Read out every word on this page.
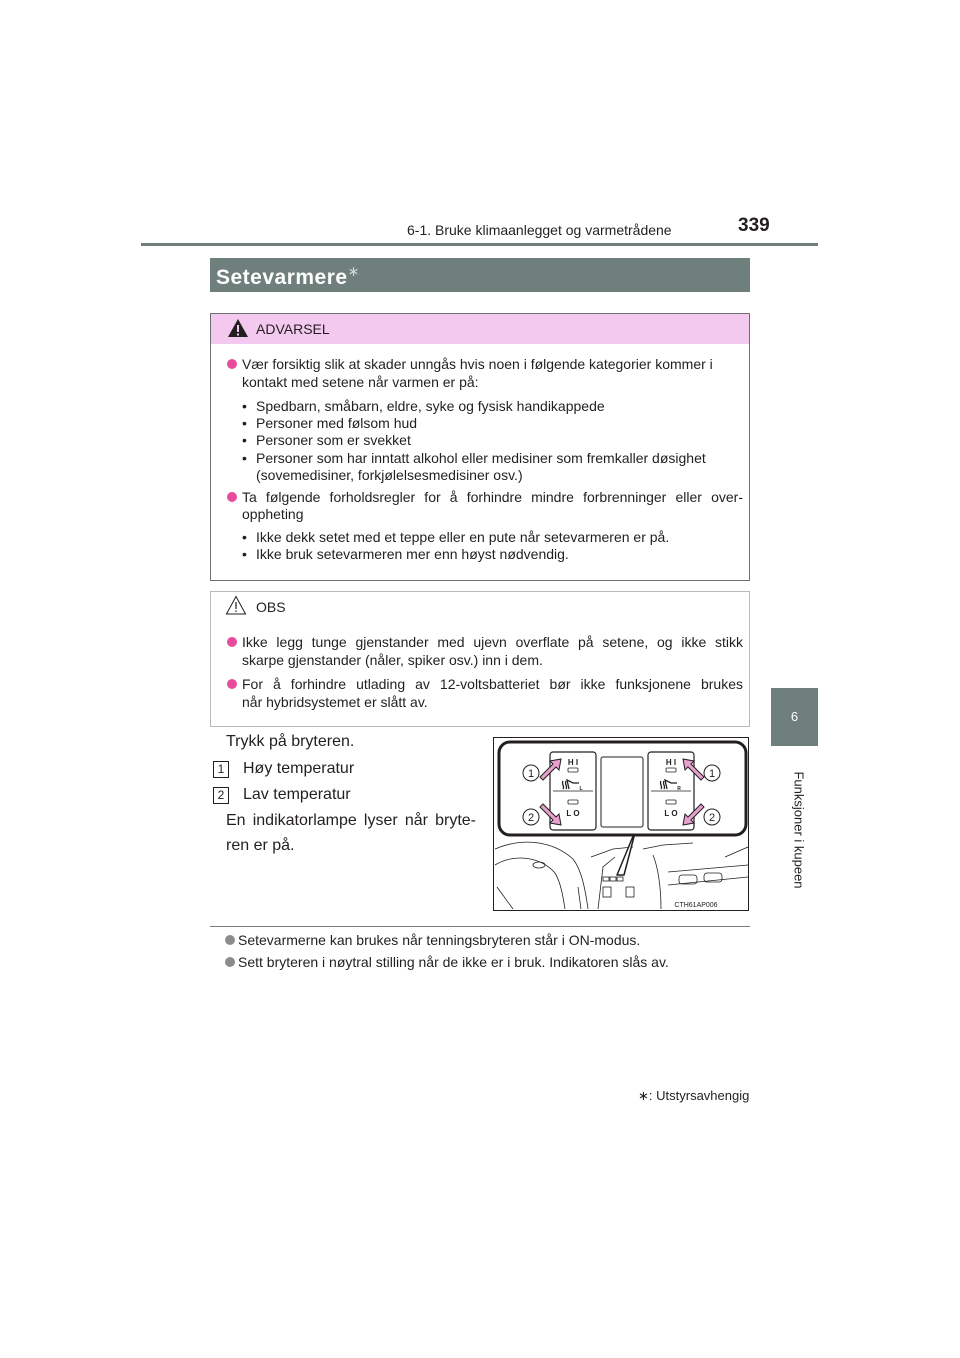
6-1. Bruke klimaanlegget og varmetrådene	339
6
Funksjoner i kupeen
Setevarmere∗
ADVARSEL
Vær forsiktig slik at skader unngås hvis noen i følgende kategorier kommer i
kontakt med setene når varmen er på:
• Spedbarn, småbarn, eldre, syke og fysisk handikappede
• Personer med følsom hud
• Personer som er svekket
• Personer som har inntatt alkohol eller medisiner som fremkaller døsighet
(sovemedisiner, forkjølelsesmedisiner osv.)
Ta følgende forholdsregler for å forhindre mindre forbrenninger eller over-
oppheting
• Ikke dekk setet med et teppe eller en pute når setevarmeren er på.
• Ikke bruk setevarmeren mer enn høyst nødvendig.
OBS
Ikke legg tunge gjenstander med ujevn overflate på setene, og ikke stikk
skarpe gjenstander (nåler, spiker osv.) inn i dem.
For å forhindre utlading av 12-voltsbatteriet bør ikke funksjonene brukes
når hybridsystemet er slått av.
Trykk på bryteren.
1 Høy temperatur
2 Lav temperatur
En indikatorlampe lyser når bryte-
ren er på.
H I
L O
L
H I
L O
R
1
2
1
2
CTH61AP006
Setevarmerne kan brukes når tenningsbryteren står i ON-modus.
Sett bryteren i nøytral stilling når de ikke er i bruk. Indikatoren slås av.
∗: Utstyrsavhengig
